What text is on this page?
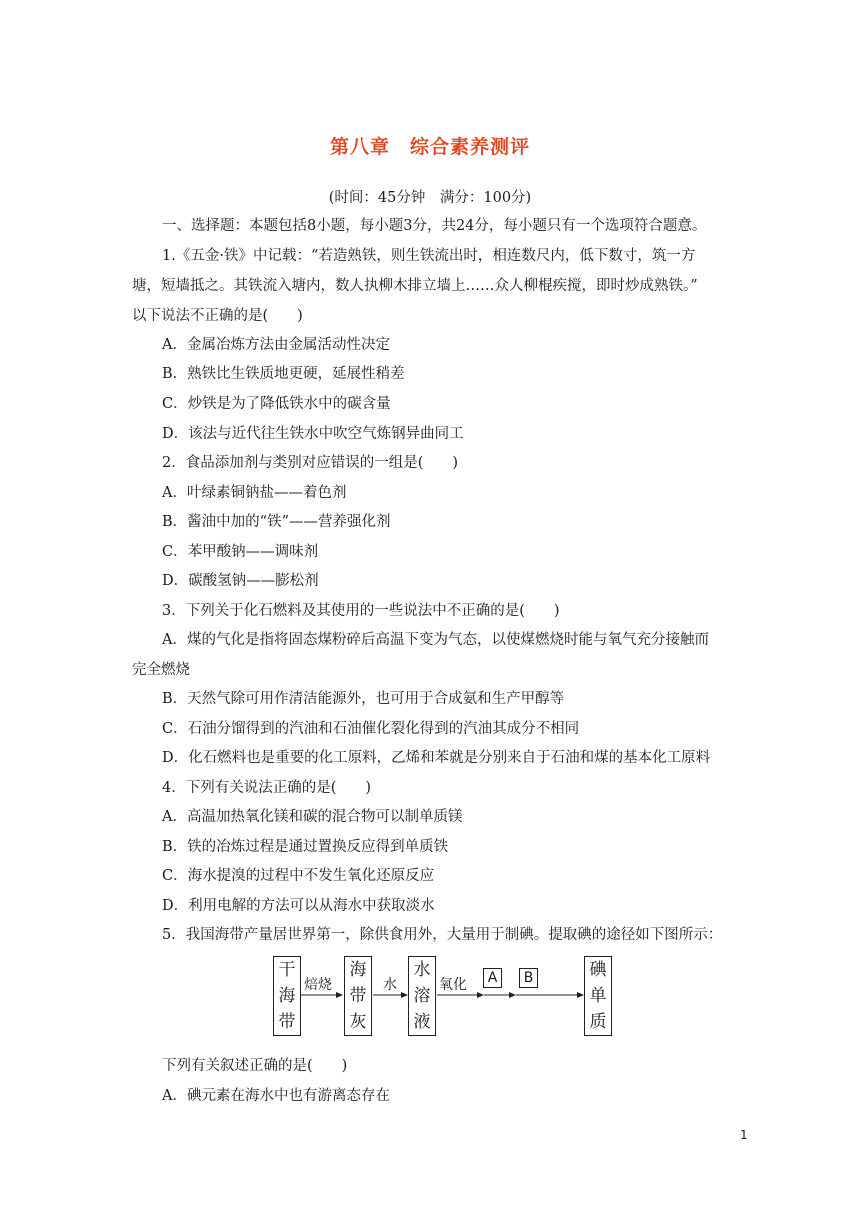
第八章　综合素养测评
(时间：45分钟　满分：100分)
一、选择题：本题包括8小题，每小题3分，共24分，每小题只有一个选项符合题意。
1.《五金·铁》中记载：“若造熟铁，则生铁流出时，相连数尺内，低下数寸，筑一方
塘，短墙抵之。其铁流入塘内，数人执柳木排立墙上……众人柳棍疾搅，即时炒成熟铁。”
以下说法不正确的是(　　)
A．金属冶炼方法由金属活动性决定
B．熟铁比生铁质地更硬，延展性稍差
C．炒铁是为了降低铁水中的碳含量
D．该法与近代往生铁水中吹空气炼钢异曲同工
2．食品添加剂与类别对应错误的一组是(　　)
A．叶绿素铜钠盐——着色剂
B．酱油中加的“铁”——营养强化剂
C．苯甲酸钠——调味剂
D．碳酸氢钠——膨松剂
3．下列关于化石燃料及其使用的一些说法中不正确的是(　　)
A．煤的气化是指将固态煤粉碎后高温下变为气态，以使煤燃烧时能与氧气充分接触而
完全燃烧
B．天然气除可用作清洁能源外，也可用于合成氨和生产甲醇等
C．石油分馏得到的汽油和石油催化裂化得到的汽油其成分不相同
D．化石燃料也是重要的化工原料，乙烯和苯就是分别来自于石油和煤的基本化工原料
4．下列有关说法正确的是(　　)
A．高温加热氧化镁和碳的混合物可以制单质镁
B．铁的冶炼过程是通过置换反应得到单质铁
C．海水提溴的过程中不发生氧化还原反应
D．利用电解的方法可以从海水中获取淡水
5．我国海带产量居世界第一，除供食用外，大量用于制碘。提取碘的途径如下图所示：
干
海
带
焙烧
海
带
灰
水
水
溶
液
氧化	A	B	碘
单
质
下列有关叙述正确的是(　　)
A．碘元素在海水中也有游离态存在
1
